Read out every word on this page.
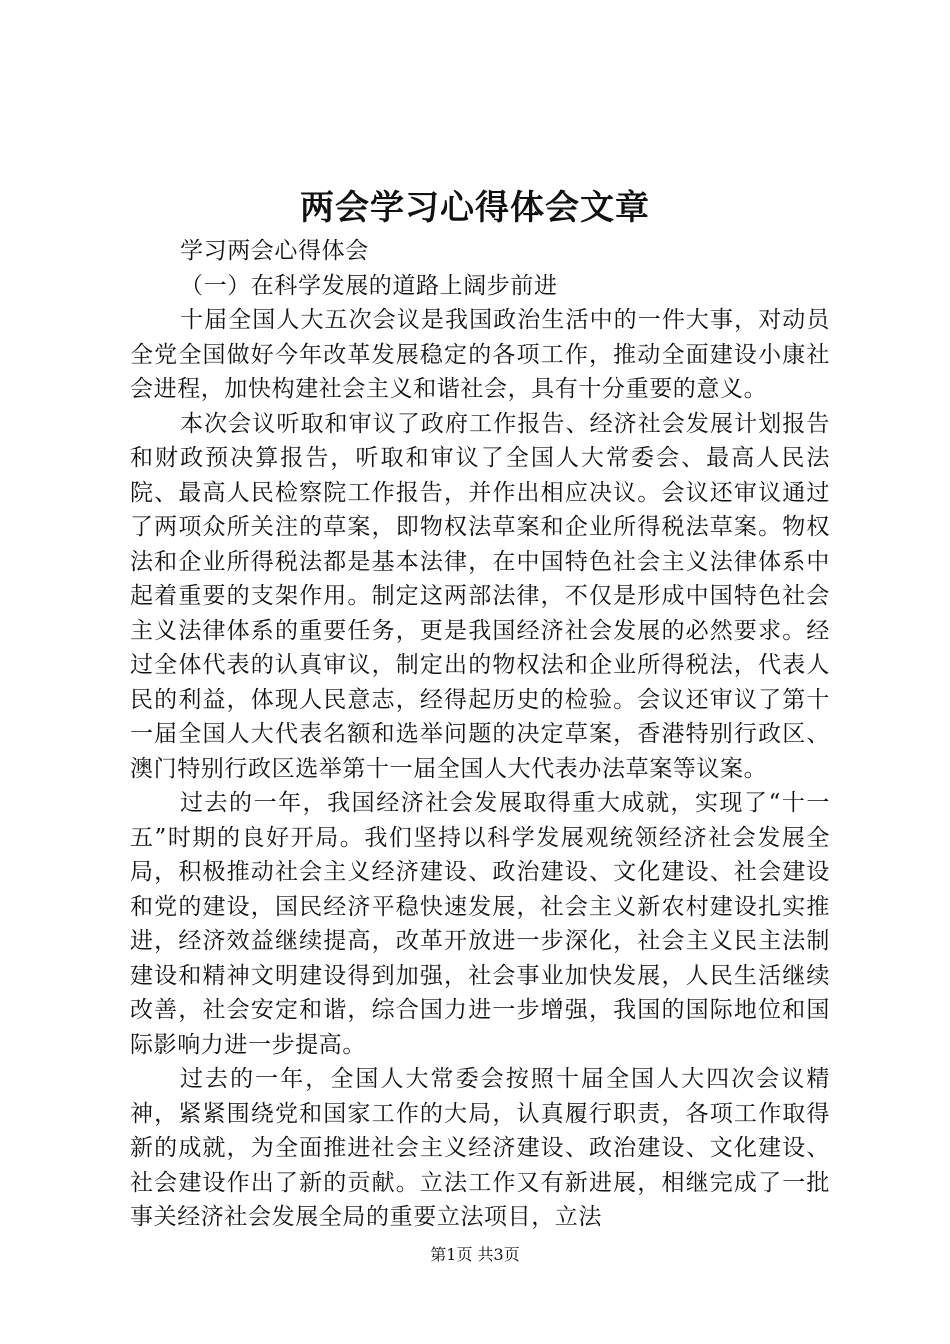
两会学习心得体会文章

学习两会心得体会

（一）在科学发展的道路上阔步前进

十届全国人大五次会议是我国政治生活中的一件大事，对动员全党全国做好今年改革发展稳定的各项工作，推动全面建设小康社会进程，加快构建社会主义和谐社会，具有十分重要的意义。

本次会议听取和审议了政府工作报告、经济社会发展计划报告和财政预决算报告，听取和审议了全国人大常委会、最高人民法院、最高人民检察院工作报告，并作出相应决议。会议还审议通过了两项众所关注的草案，即物权法草案和企业所得税法草案。物权法和企业所得税法都是基本法律，在中国特色社会主义法律体系中起着重要的支架作用。制定这两部法律，不仅是形成中国特色社会主义法律体系的重要任务，更是我国经济社会发展的必然要求。经过全体代表的认真审议，制定出的物权法和企业所得税法，代表人民的利益，体现人民意志，经得起历史的检验。会议还审议了第十一届全国人大代表名额和选举问题的决定草案，香港特别行政区、澳门特别行政区选举第十一届全国人大代表办法草案等议案。

过去的一年，我国经济社会发展取得重大成就，实现了“十一五”时期的良好开局。我们坚持以科学发展观统领经济社会发展全局，积极推动社会主义经济建设、政治建设、文化建设、社会建设和党的建设，国民经济平稳快速发展，社会主义新农村建设扎实推进，经济效益继续提高，改革开放进一步深化，社会主义民主法制建设和精神文明建设得到加强，社会事业加快发展，人民生活继续改善，社会安定和谐，综合国力进一步增强，我国的国际地位和国际影响力进一步提高。

过去的一年，全国人大常委会按照十届全国人大四次会议精神，紧紧围绕党和国家工作的大局，认真履行职责，各项工作取得新的成就，为全面推进社会主义经济建设、政治建设、文化建设、社会建设作出了新的贡献。立法工作又有新进展，相继完成了一批事关经济社会发展全局的重要立法项目，立法

第1页 共3页
